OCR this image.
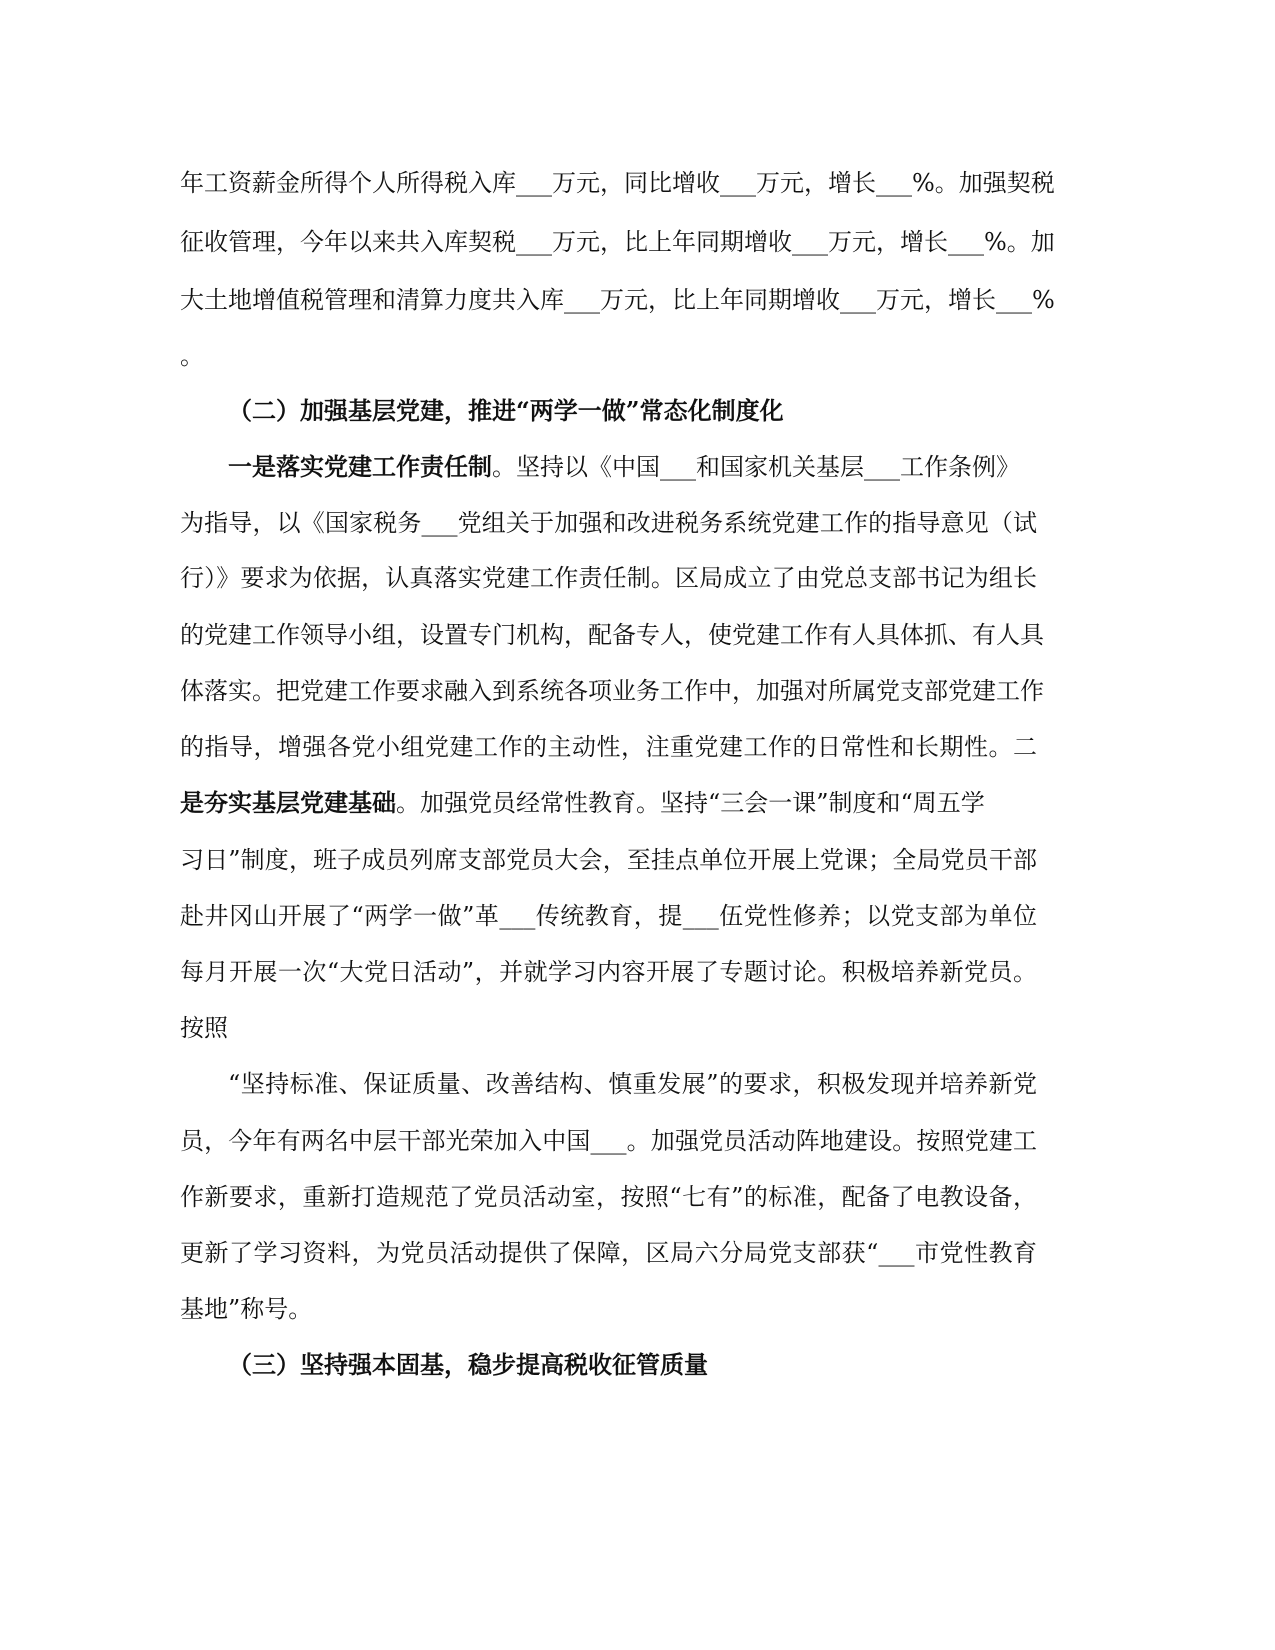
年工资薪金所得个人所得税入库___万元，同比增收___万元，增长___%。加强契税
征收管理，今年以来共入库契税___万元，比上年同期增收___万元，增长___%。加
大土地增值税管理和清算力度共入库___万元，比上年同期增收___万元，增长___%
。
（二）加强基层党建，推进“两学一做”常态化制度化
一是落实党建工作责任制。坚持以《中国___和国家机关基层___工作条例》
为指导，以《国家税务___党组关于加强和改进税务系统党建工作的指导意见（试
行）》要求为依据，认真落实党建工作责任制。区局成立了由党总支部书记为组长
的党建工作领导小组，设置专门机构，配备专人，使党建工作有人具体抓、有人具
体落实。把党建工作要求融入到系统各项业务工作中，加强对所属党支部党建工作
的指导，增强各党小组党建工作的主动性，注重党建工作的日常性和长期性。二
是夯实基层党建基础。加强党员经常性教育。坚持“三会一课”制度和“周五学
习日”制度，班子成员列席支部党员大会，至挂点单位开展上党课；全局党员干部
赴井冈山开展了“两学一做”革___传统教育，提___伍党性修养；以党支部为单位
每月开展一次“大党日活动”，并就学习内容开展了专题讨论。积极培养新党员。
按照
“坚持标准、保证质量、改善结构、慎重发展”的要求，积极发现并培养新党
员，今年有两名中层干部光荣加入中国___。加强党员活动阵地建设。按照党建工
作新要求，重新打造规范了党员活动室，按照“七有”的标准，配备了电教设备，
更新了学习资料，为党员活动提供了保障，区局六分局党支部获“___市党性教育
基地”称号。
（三）坚持强本固基，稳步提高税收征管质量
